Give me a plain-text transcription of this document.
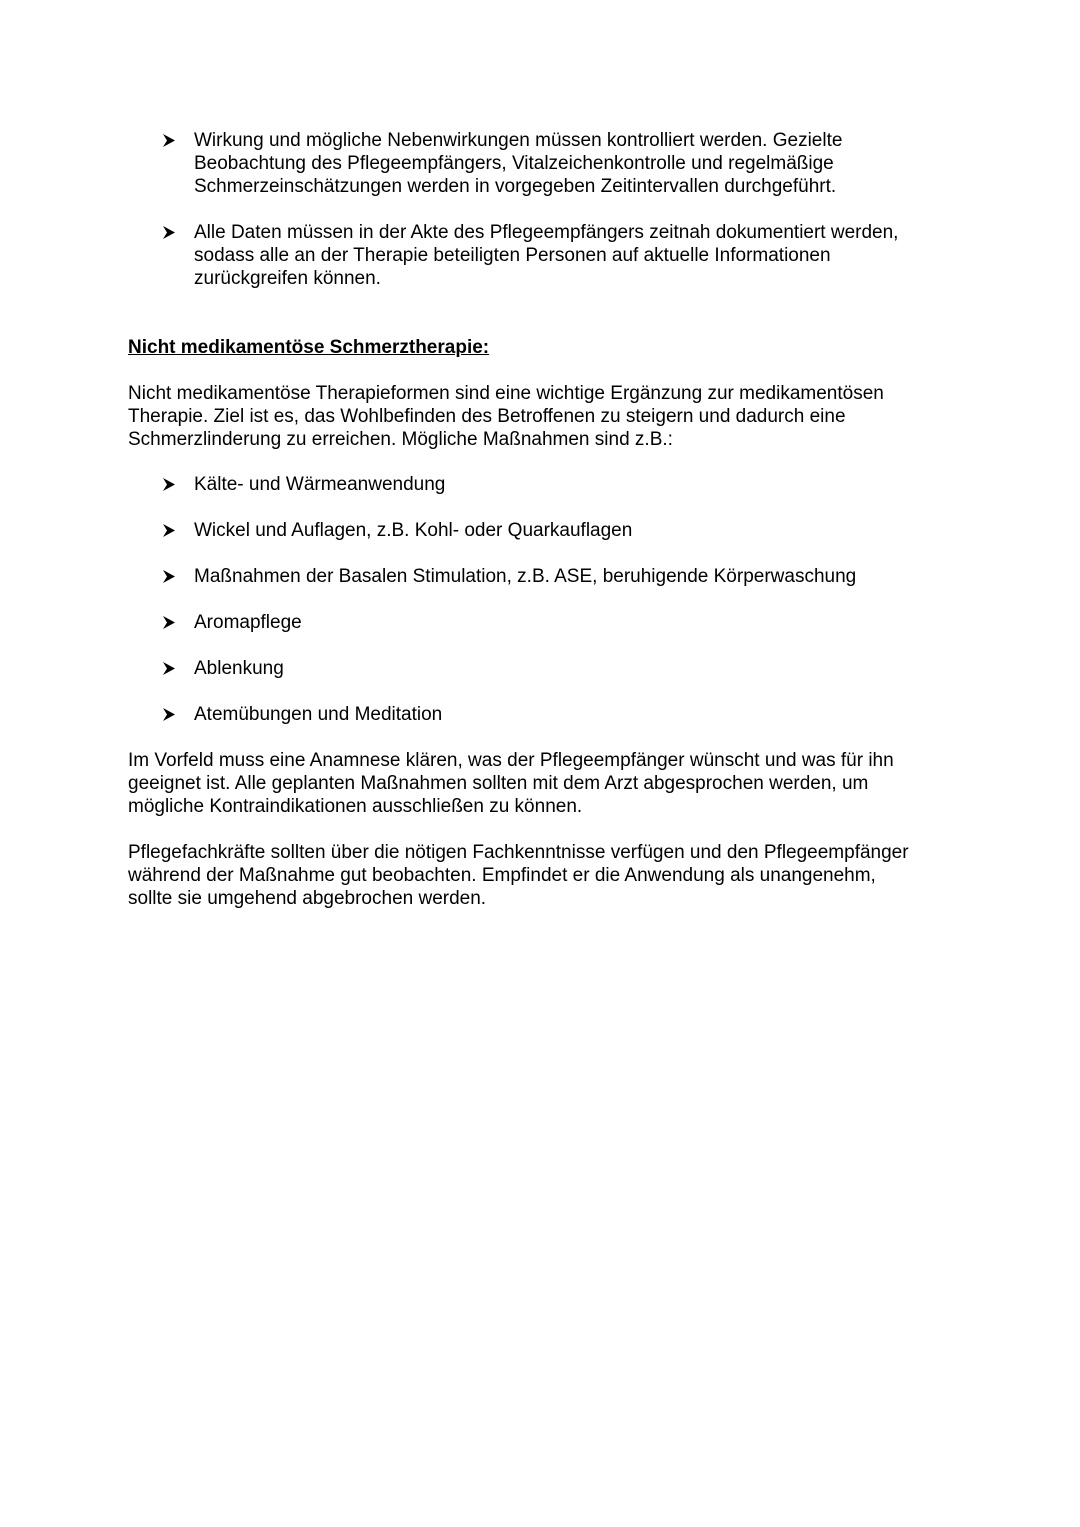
Wirkung und mögliche Nebenwirkungen müssen kontrolliert werden. Gezielte
Beobachtung des Pflegeempfängers, Vitalzeichenkontrolle und regelmäßige
Schmerzeinschätzungen werden in vorgegeben Zeitintervallen durchgeführt.
Alle Daten müssen in der Akte des Pflegeempfängers zeitnah dokumentiert werden,
sodass alle an der Therapie beteiligten Personen auf aktuelle Informationen
zurückgreifen können.
Nicht medikamentöse Schmerztherapie:
Nicht medikamentöse Therapieformen sind eine wichtige Ergänzung zur medikamentösen
Therapie. Ziel ist es, das Wohlbefinden des Betroffenen zu steigern und dadurch eine
Schmerzlinderung zu erreichen. Mögliche Maßnahmen sind z.B.:
Kälte- und Wärmeanwendung
Wickel und Auflagen, z.B. Kohl- oder Quarkauflagen
Maßnahmen der Basalen Stimulation, z.B. ASE, beruhigende Körperwaschung
Aromapflege
Ablenkung
Atemübungen und Meditation
Im Vorfeld muss eine Anamnese klären, was der Pflegeempfänger wünscht und was für ihn
geeignet ist. Alle geplanten Maßnahmen sollten mit dem Arzt abgesprochen werden, um
mögliche Kontraindikationen ausschließen zu können.
Pflegefachkräfte sollten über die nötigen Fachkenntnisse verfügen und den Pflegeempfänger
während der Maßnahme gut beobachten. Empfindet er die Anwendung als unangenehm,
sollte sie umgehend abgebrochen werden.
